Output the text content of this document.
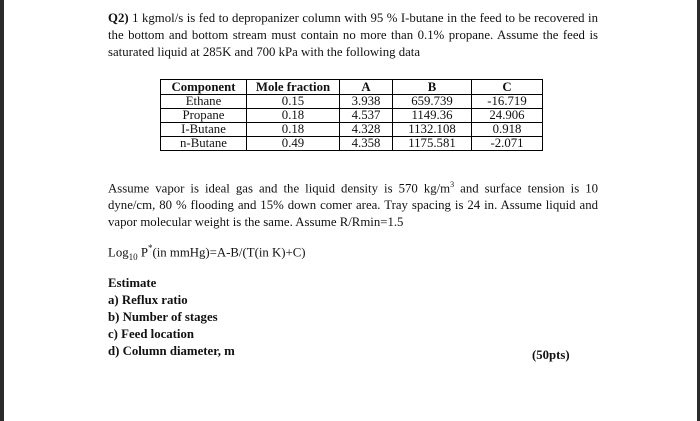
Q2) 1 kgmol/s is fed to depropanizer column with 95 % I-butane in the feed to be recovered in the bottom and bottom stream must contain no more than 0.1% propane. Assume the feed is saturated liquid at 285K and 700 kPa with the following data
Component	Mole fraction	A	B	C
Ethane	0.15	3.938	659.739	-16.719
Propane	0.18	4.537	1149.36	24.906
I-Butane	0.18	4.328	1132.108	0.918
n-Butane	0.49	4.358	1175.581	-2.071
Assume vapor is ideal gas and the liquid density is 570 $kg/m^3$ and surface tension is 10 dyne/cm, 80 % flooding and 15% down comer area. Tray spacing is 24 in. Assume liquid and vapor molecular weight is the same. Assume R/Rmin=1.5
Log$_{10}$ P*(in mmHg)=A-B/(T(in K)+C)
Estimate
a) Reflux ratio
b) Number of stages
c) Feed location
d) Column diameter, m	(50pts)
